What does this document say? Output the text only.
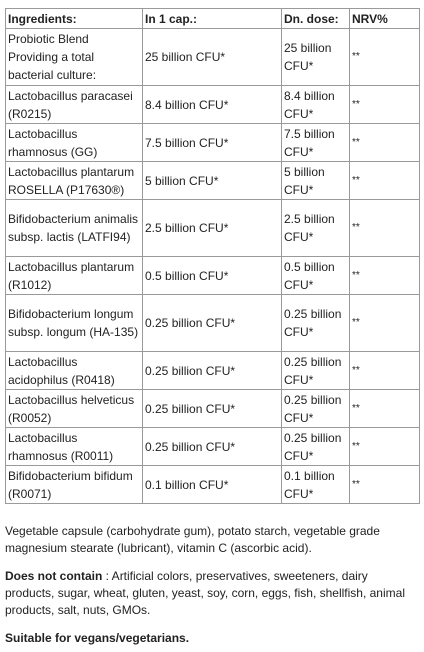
Ingredients:	In 1 cap.:	Dn. dose:	NRV%
Probiotic Blend Providing a total bacterial culture:	25 billion CFU*	25 billion CFU*	**
Lactobacillus paracasei (R0215)	8.4 billion CFU*	8.4 billion CFU*	**
Lactobacillus rhamnosus (GG)	7.5 billion CFU*	7.5 billion CFU*	**
Lactobacillus plantarum ROSELLA (P17630®)	5 billion CFU*	5 billion CFU*	**
Bifidobacterium animalis subsp. lactis (LATFI94)	2.5 billion CFU*	2.5 billion CFU*	**
Lactobacillus plantarum (R1012)	0.5 billion CFU*	0.5 billion CFU*	**
Bifidobacterium longum subsp. longum (HA-135)	0.25 billion CFU*	0.25 billion CFU*	**
Lactobacillus acidophilus (R0418)	0.25 billion CFU*	0.25 billion CFU*	**
Lactobacillus helveticus (R0052)	0.25 billion CFU*	0.25 billion CFU*	**
Lactobacillus rhamnosus (R0011)	0.25 billion CFU*	0.25 billion CFU*	**
Bifidobacterium bifidum (R0071)	0.1 billion CFU*	0.1 billion CFU*	**

Vegetable capsule (carbohydrate gum), potato starch, vegetable grade magnesium stearate (lubricant), vitamin C (ascorbic acid).

Does not contain : Artificial colors, preservatives, sweeteners, dairy products, sugar, wheat, gluten, yeast, soy, corn, eggs, fish, shellfish, animal products, salt, nuts, GMOs.

Suitable for vegans/vegetarians.
